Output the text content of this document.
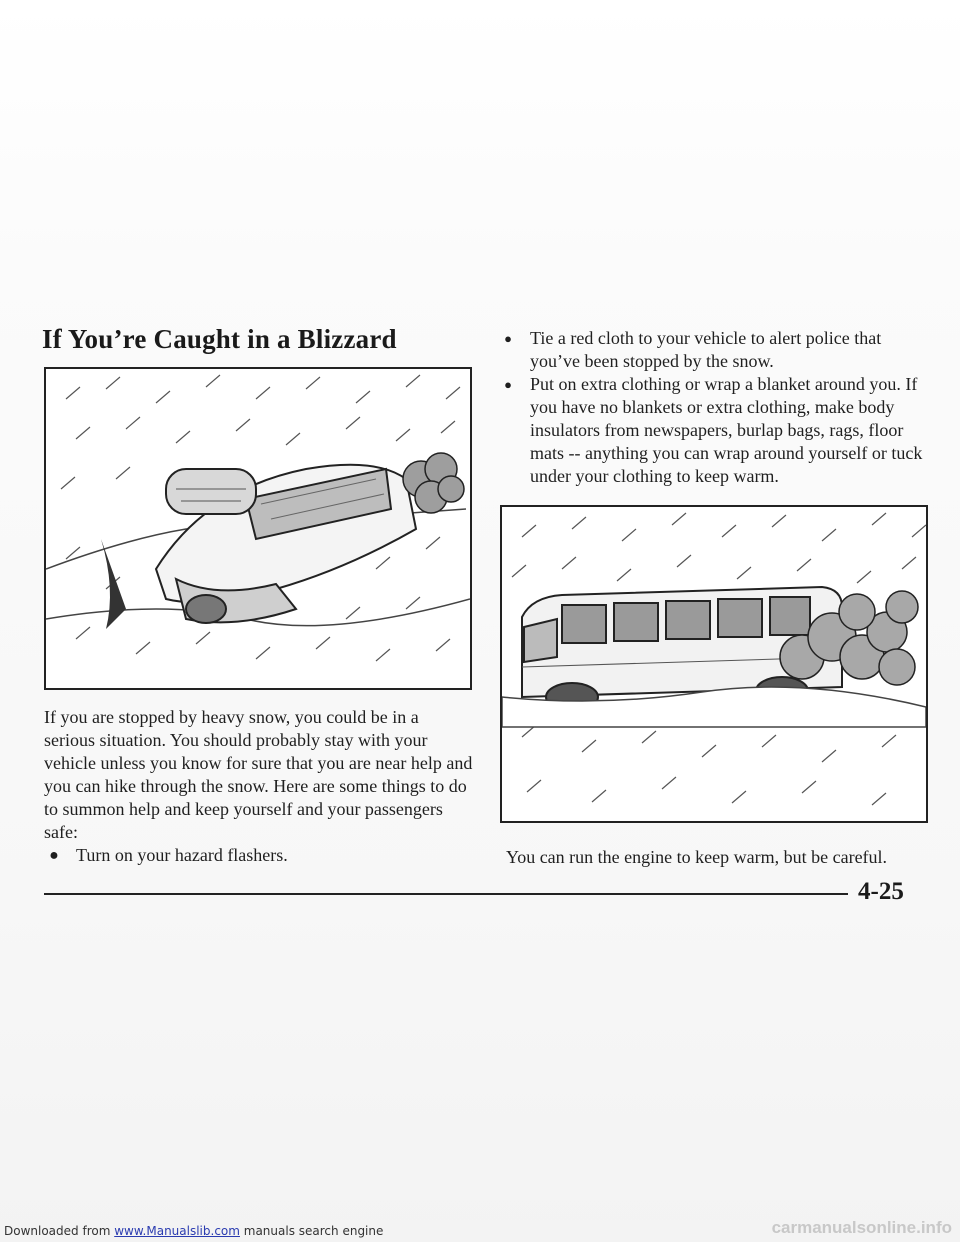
If You’re Caught in a Blizzard
If you are stopped by heavy snow, you could be in a serious situation. You should probably stay with your vehicle unless you know for sure that you are near help and you can hike through the snow. Here are some things to do to summon help and keep yourself and your passengers safe:
● Turn on your hazard flashers.
●	Tie a red cloth to your vehicle to alert police that you’ve been stopped by the snow.
●	Put on extra clothing or wrap a blanket around you. If you have no blankets or extra clothing, make body insulators from newspapers, burlap bags, rags, floor mats -- anything you can wrap around yourself or tuck under your clothing to keep warm.
You can run the engine to keep warm, but be careful.
4-25
Downloaded from www.Manualslib.com manuals search engine	carmanualsonline.info
